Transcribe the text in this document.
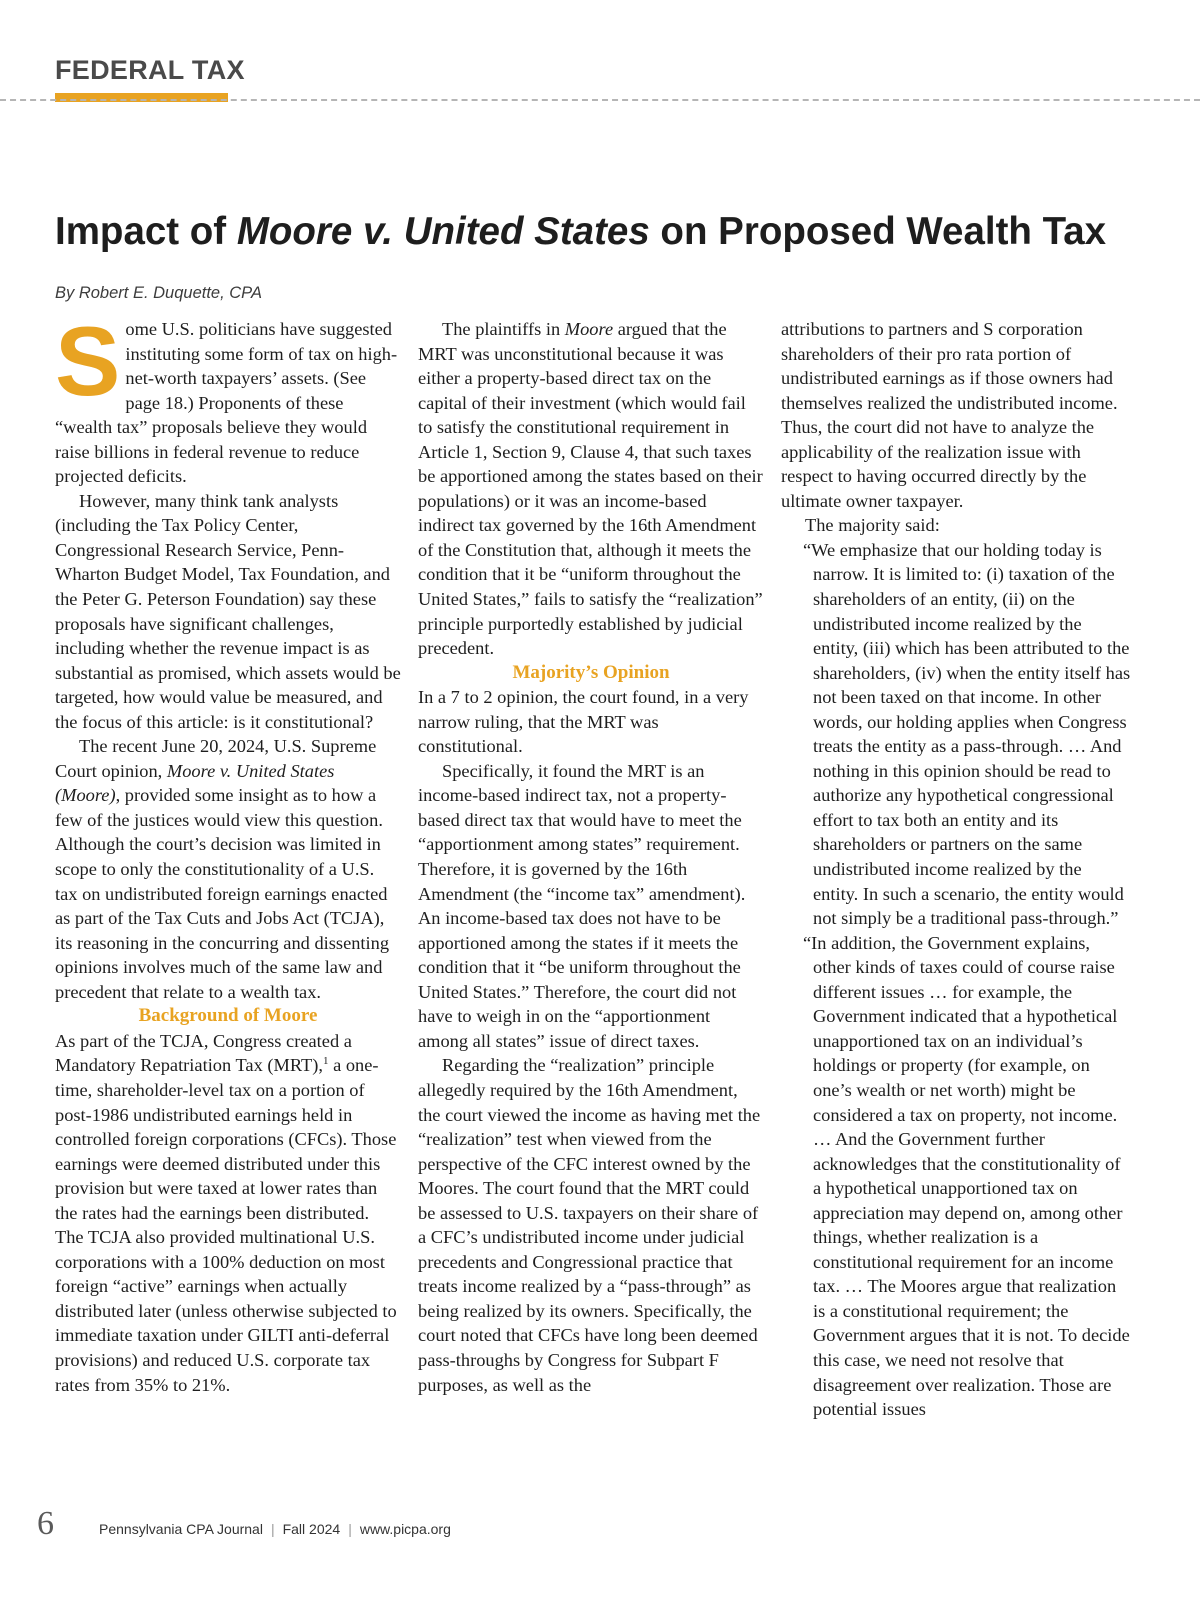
FEDERAL TAX
Impact of Moore v. United States on Proposed Wealth Tax
By Robert E. Duquette, CPA

Some U.S. politicians have suggested instituting some form of tax on high-net-worth taxpayers’ assets. (See page 18.) Proponents of these “wealth tax” proposals believe they would raise billions in federal revenue to reduce projected deficits.

However, many think tank analysts (including the Tax Policy Center, Congressional Research Service, Penn-Wharton Budget Model, Tax Foundation, and the Peter G. Peterson Foundation) say these proposals have significant challenges, including whether the revenue impact is as substantial as promised, which assets would be targeted, how would value be measured, and the focus of this article: is it constitutional?

The recent June 20, 2024, U.S. Supreme Court opinion, Moore v. United States (Moore), provided some insight as to how a few of the justices would view this question. Although the court’s decision was limited in scope to only the constitutionality of a U.S. tax on undistributed foreign earnings enacted as part of the Tax Cuts and Jobs Act (TCJA), its reasoning in the concurring and dissenting opinions involves much of the same law and precedent that relate to a wealth tax.

Background of Moore

As part of the TCJA, Congress created a Mandatory Repatriation Tax (MRT),$^1$ a one-time, shareholder-level tax on a portion of post-1986 undistributed earnings held in controlled foreign corporations (CFCs). Those earnings were deemed distributed under this provision but were taxed at lower rates than the rates had the earnings been distributed. The TCJA also provided multinational U.S. corporations with a 100% deduction on most foreign “active” earnings when actually distributed later (unless otherwise subjected to immediate taxation under GILTI anti-deferral provisions) and reduced U.S. corporate tax rates from 35% to 21%.

The plaintiffs in Moore argued that the MRT was unconstitutional because it was either a property-based direct tax on the capital of their investment (which would fail to satisfy the constitutional requirement in Article 1, Section 9, Clause 4, that such taxes be apportioned among the states based on their populations) or it was an income-based indirect tax governed by the 16th Amendment of the Constitution that, although it meets the condition that it be “uniform throughout the United States,” fails to satisfy the “realization” principle purportedly established by judicial precedent.

Majority’s Opinion

In a 7 to 2 opinion, the court found, in a very narrow ruling, that the MRT was constitutional.

Specifically, it found the MRT is an income-based indirect tax, not a property-based direct tax that would have to meet the “apportionment among states” requirement. Therefore, it is governed by the 16th Amendment (the “income tax” amendment). An income-based tax does not have to be apportioned among the states if it meets the condition that it “be uniform throughout the United States.” Therefore, the court did not have to weigh in on the “apportionment among all states” issue of direct taxes.

Regarding the “realization” principle allegedly required by the 16th Amendment, the court viewed the income as having met the “realization” test when viewed from the perspective of the CFC interest owned by the Moores. The court found that the MRT could be assessed to U.S. taxpayers on their share of a CFC’s undistributed income under judicial precedents and Congressional practice that treats income realized by a “pass-through” as being realized by its owners. Specifically, the court noted that CFCs have long been deemed pass-throughs by Congress for Subpart F purposes, as well as the

attributions to partners and S corporation shareholders of their pro rata portion of undistributed earnings as if those owners had themselves realized the undistributed income. Thus, the court did not have to analyze the applicability of the realization issue with respect to having occurred directly by the ultimate owner taxpayer.

The majority said:

“We emphasize that our holding today is narrow. It is limited to: (i) taxation of the shareholders of an entity, (ii) on the undistributed income realized by the entity, (iii) which has been attributed to the shareholders, (iv) when the entity itself has not been taxed on that income. In other words, our holding applies when Congress treats the entity as a pass-through. … And nothing in this opinion should be read to authorize any hypothetical congressional effort to tax both an entity and its shareholders or partners on the same undistributed income realized by the entity. In such a scenario, the entity would not simply be a traditional pass-through.”

“In addition, the Government explains, other kinds of taxes could of course raise different issues … for example, the Government indicated that a hypothetical unapportioned tax on an individual’s holdings or property (for example, on one’s wealth or net worth) might be considered a tax on property, not income. … And the Government further acknowledges that the constitutionality of a hypothetical unapportioned tax on appreciation may depend on, among other things, whether realization is a constitutional requirement for an income tax. … The Moores argue that realization is a constitutional requirement; the Government argues that it is not. To decide this case, we need not resolve that disagreement over realization. Those are potential issues

6	Pennsylvania CPA Journal | Fall 2024 | www.picpa.org
